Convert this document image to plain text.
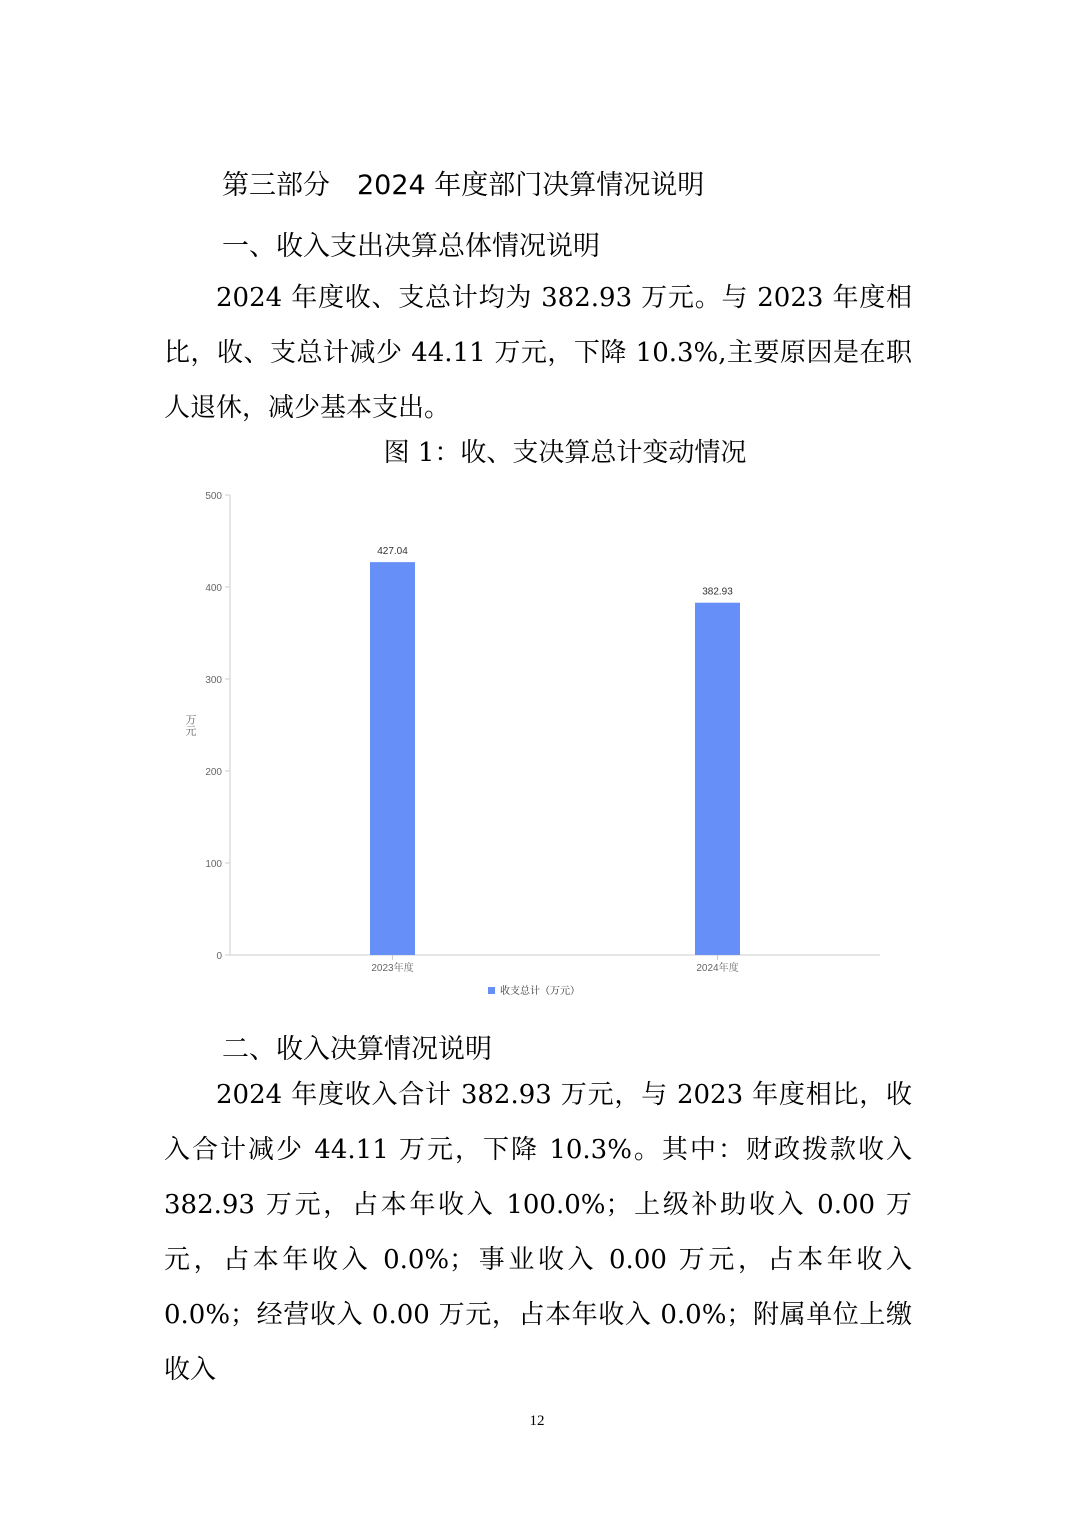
第三部分　2024 年度部门决算情况说明
一、收入支出决算总体情况说明

2024 年度收、支总计均为 382.93 万元。与 2023 年度相比，收、支总计减少 44.11 万元，下降 10.3%,主要原因是在职人退休，减少基本支出。

图 1：收、支决算总计变动情况
0
100
200
300
400
500
万元
2023年度	2024年度
427.04
382.93
收支总计（万元）
二、收入决算情况说明

2024 年度收入合计 382.93 万元，与 2023 年度相比，收入合计减少 44.11 万元，下降 10.3%。其中：财政拨款收入 382.93 万元，占本年收入 100.0%；上级补助收入 0.00 万元，占本年收入 0.0%；事业收入 0.00 万元，占本年收入 0.0%；经营收入 0.00 万元，占本年收入 0.0%；附属单位上缴收入

12
